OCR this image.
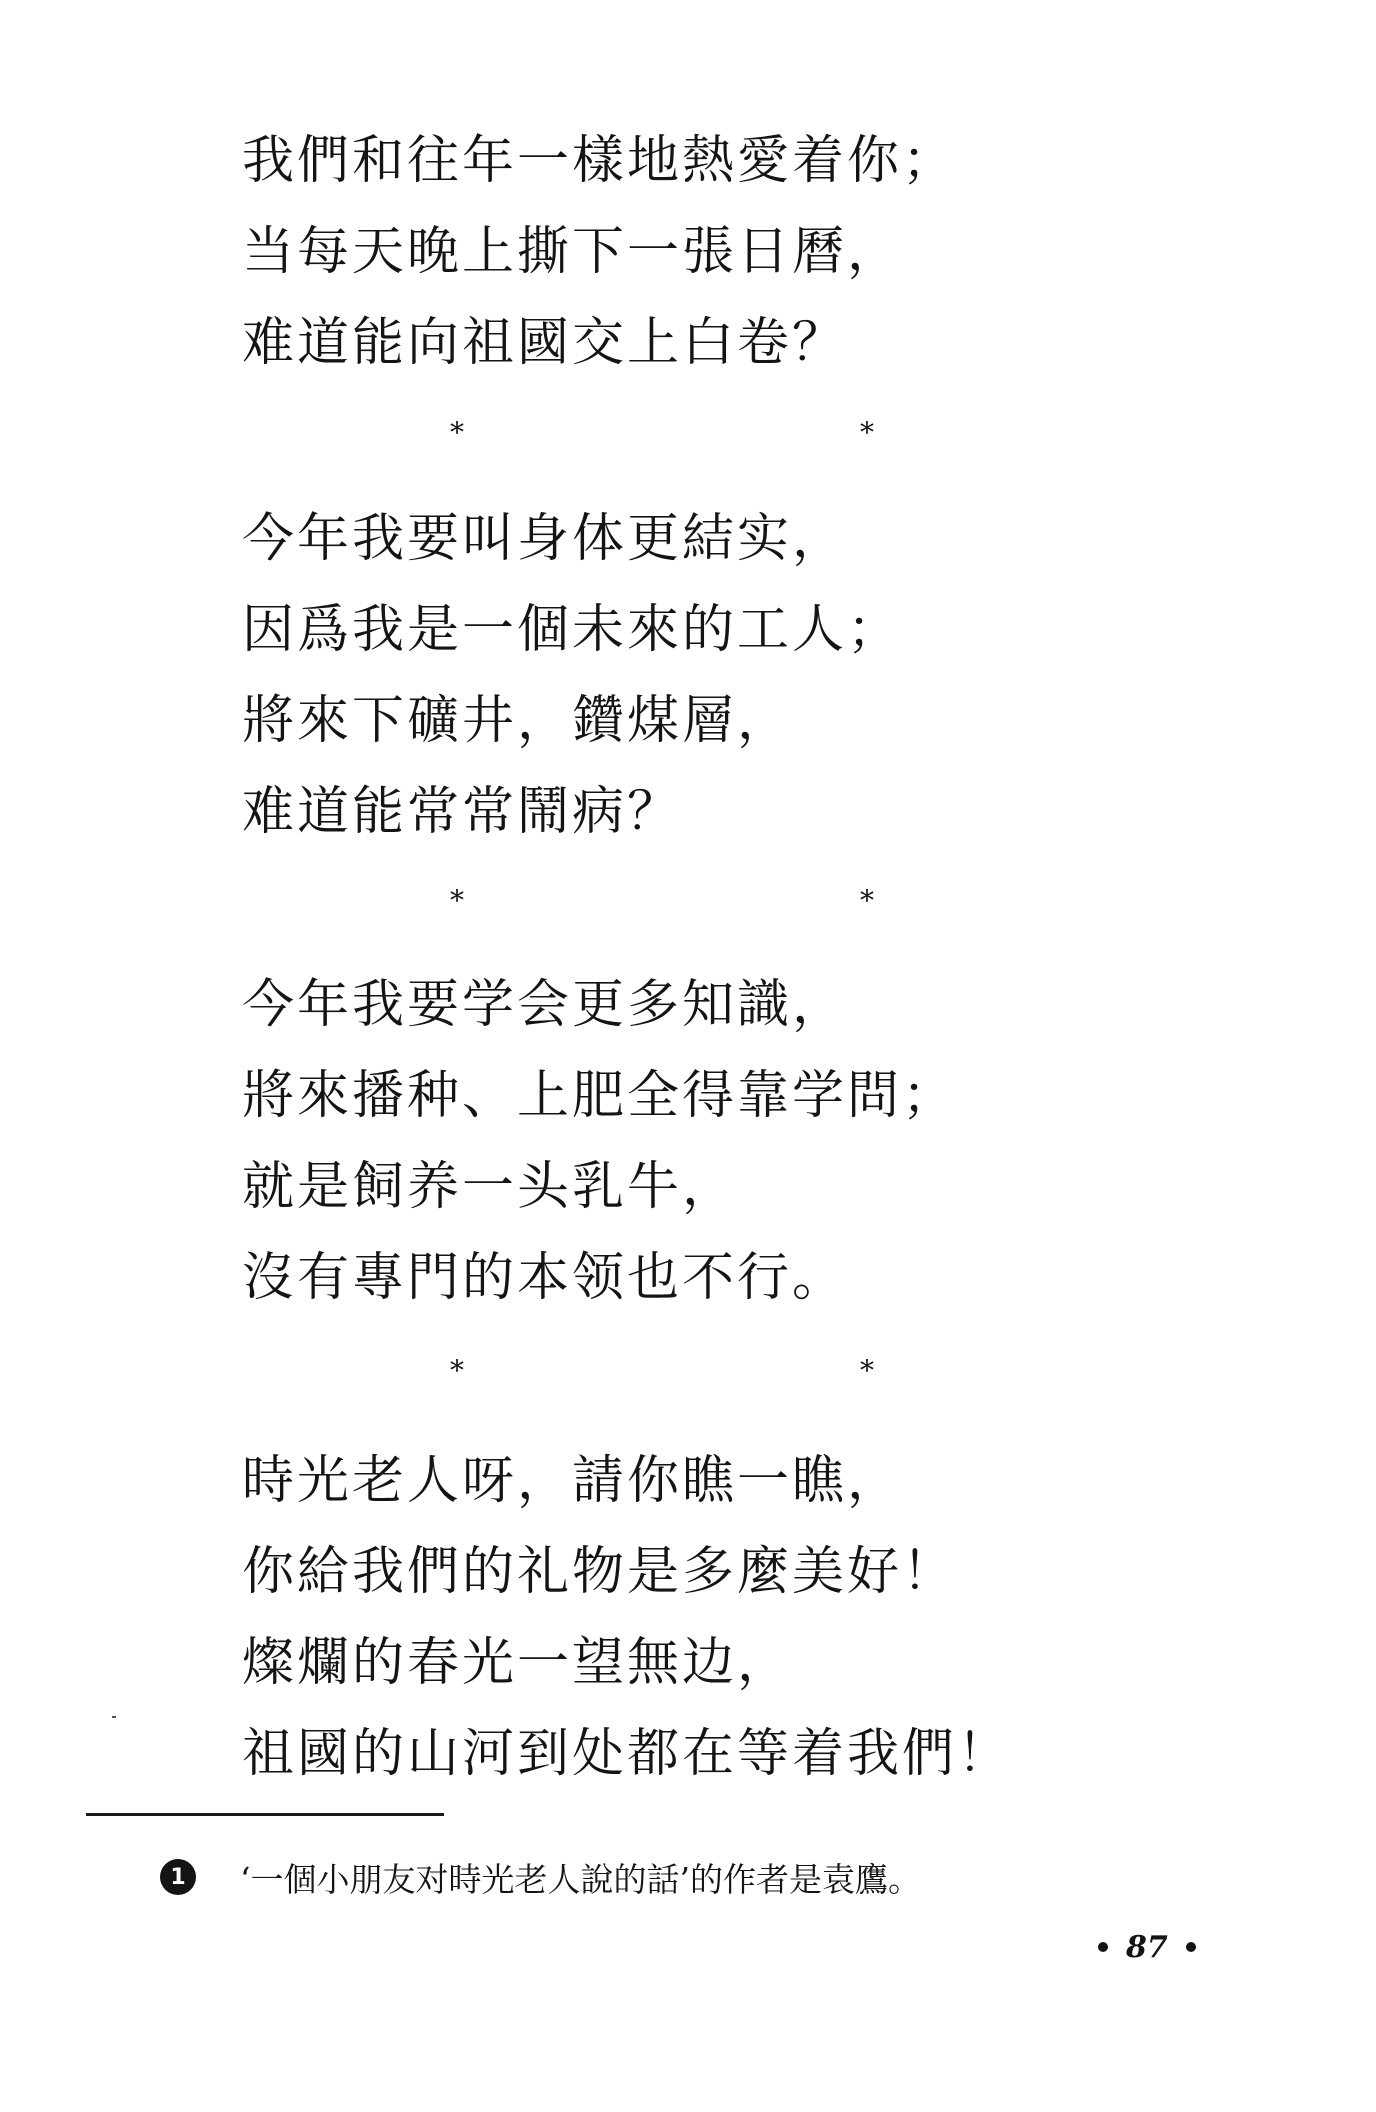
我們和往年一樣地熱愛着你；
当每天晚上撕下一張日曆，
难道能向祖國交上白卷？
*	*
今年我要叫身体更結实，
因爲我是一個未來的工人；
將來下礦井，鑽煤層，
难道能常常鬧病？
*	*
今年我要学会更多知識，
將來播种、上肥全得靠学問；
就是飼养一头乳牛，
沒有專門的本领也不行。
*	*
時光老人呀，請你瞧一瞧，
你給我們的礼物是多麼美好！
燦爛的春光一望無边，
祖國的山河到处都在等着我們！
1	‘一個小朋友对時光老人說的話’的作者是袁鷹。
87
